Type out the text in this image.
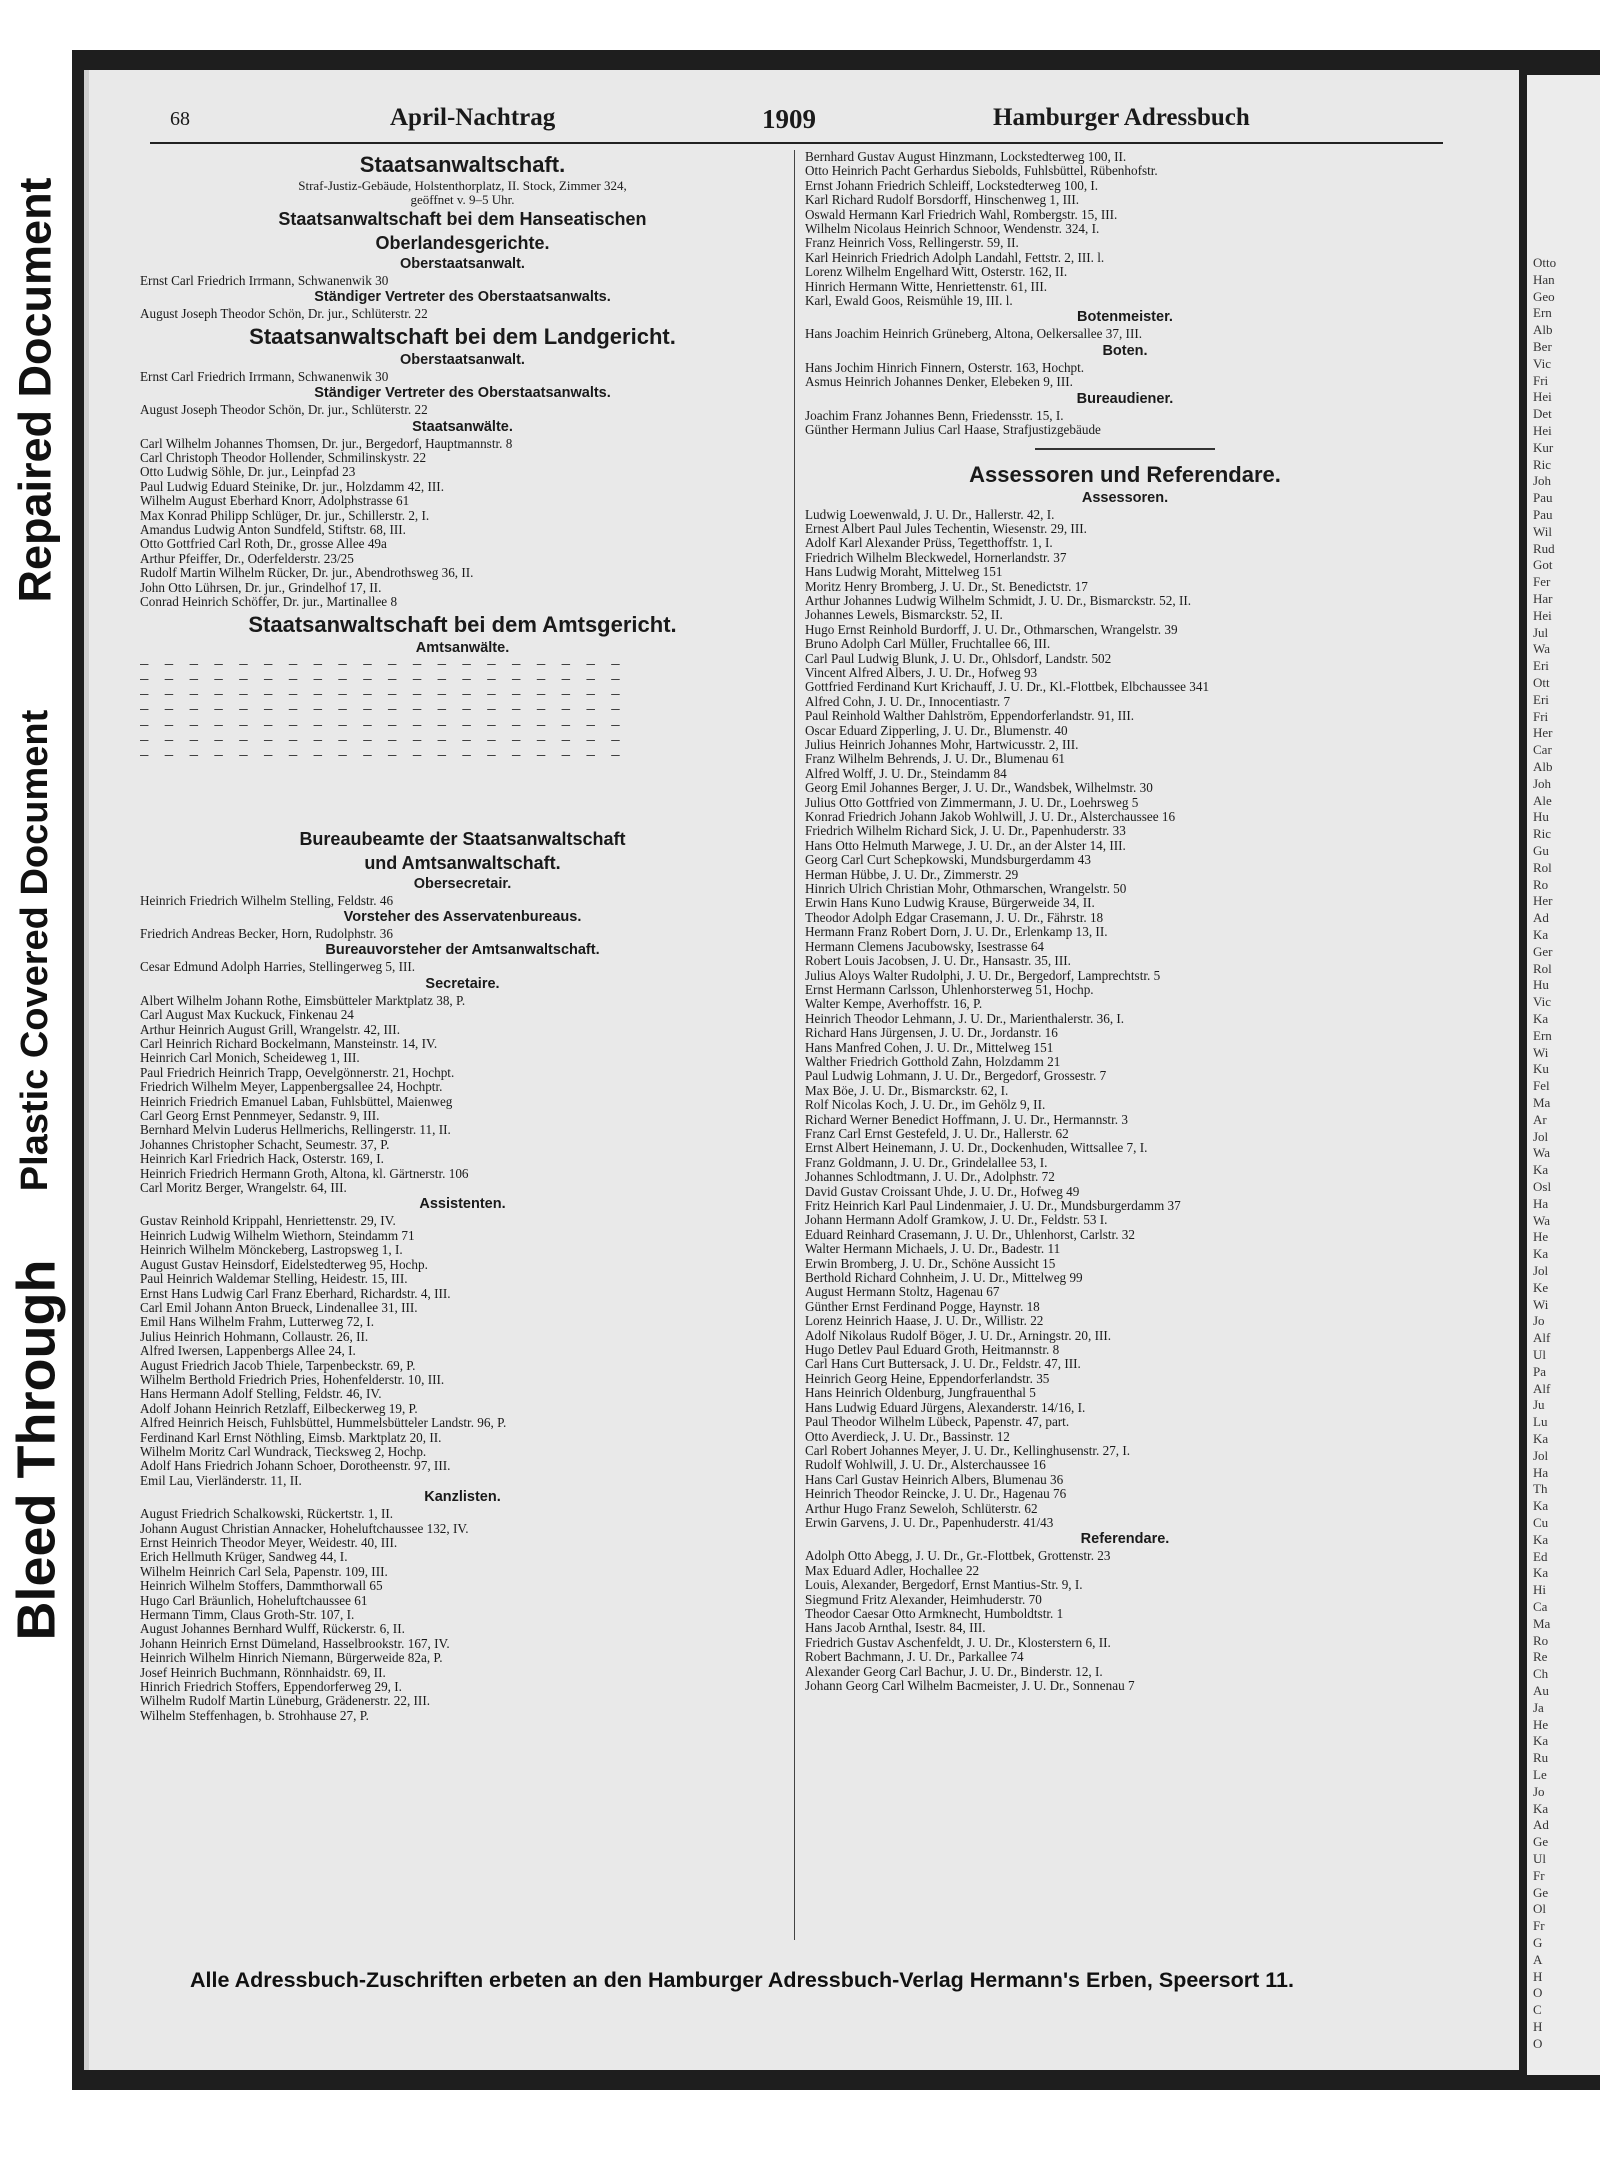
Repaired Document
Plastic Covered Document
Bleed Through
Otto
Han
Geo
Ern
Alb
Ber
Vic
Fri
Hei
Det
Hei
Kur
Ric
Joh
Pau
Pau
Wil
Rud
Got
Fer
Har
Hei
Jul
Wa
Eri
Ott
Eri
Fri
Her
Car
Alb
Joh
Ale
Hu
Ric
Gu
Rol
Ro
Her
Ad
Ka
Ger
Rol
Hu
Vic
Ka
Ern
Wi
Ku
Fel
Ma
Ar
Jol
Wa
Ka
Osl
Ha
Wa
He
Ka
Jol
Ke
Wi
Jo
Alf
Ul
Pa
Alf
Ju
Lu
Ka
Jol
Ha
Th
Ka
Cu
Ka
Ed
Ka
Hi
Ca
Ma
Ro
Re
Ch
Au
Ja
He
Ka
Ru
Le
Jo
Ka
Ad
Ge
Ul
Fr
Ge
Ol
Fr
G
A
H
O
C
H
O
68	April-Nachtrag	1909	Hamburger Adressbuch
Staatsanwaltschaft.
Straf-Justiz-Gebäude, Holstenthorplatz, II. Stock, Zimmer 324,
geöffnet v. 9–5 Uhr.
Staatsanwaltschaft bei dem Hanseatischen
Oberlandesgerichte.
Oberstaatsanwalt.
Ernst Carl Friedrich Irrmann, Schwanenwik 30
Ständiger Vertreter des Oberstaatsanwalts.
August Joseph Theodor Schön, Dr. jur., Schlüterstr. 22
Staatsanwaltschaft bei dem Landgericht.
Oberstaatsanwalt.
Ernst Carl Friedrich Irrmann, Schwanenwik 30
Ständiger Vertreter des Oberstaatsanwalts.
August Joseph Theodor Schön, Dr. jur., Schlüterstr. 22
Staatsanwälte.
Carl Wilhelm Johannes Thomsen, Dr. jur., Bergedorf, Hauptmannstr. 8
Carl Christoph Theodor Hollender, Schmilinskystr. 22
Otto Ludwig Söhle, Dr. jur., Leinpfad 23
Paul Ludwig Eduard Steinike, Dr. jur., Holzdamm 42, III.
Wilhelm August Eberhard Knorr, Adolphstrasse 61
Max Konrad Philipp Schlüger, Dr. jur., Schillerstr. 2, I.
Amandus Ludwig Anton Sundfeld, Stiftstr. 68, III.
Otto Gottfried Carl Roth, Dr., grosse Allee 49a
Arthur Pfeiffer, Dr., Oderfelderstr. 23/25
Rudolf Martin Wilhelm Rücker, Dr. jur., Abendrothsweg 36, II.
John Otto Lührsen, Dr. jur., Grindelhof 17, II.
Conrad Heinrich Schöffer, Dr. jur., Martinallee 8
Staatsanwaltschaft bei dem Amtsgericht.
Amtsanwälte.
— — — — — — — — — — — — — — — — — — — —
— — — — — — — — — — — — — — — — — — — —
— — — — — — — — — — — — — — — — — — — —
— — — — — — — — — — — — — — — — — — — —
— — — — — — — — — — — — — — — — — — — —
— — — — — — — — — — — — — — — — — — — —
— — — — — — — — — — — — — — — — — — — —
Bureaubeamte der Staatsanwaltschaft
und Amtsanwaltschaft.
Obersecretair.
Heinrich Friedrich Wilhelm Stelling, Feldstr. 46
Vorsteher des Asservatenbureaus.
Friedrich Andreas Becker, Horn, Rudolphstr. 36
Bureauvorsteher der Amtsanwaltschaft.
Cesar Edmund Adolph Harries, Stellingerweg 5, III.
Secretaire.
Albert Wilhelm Johann Rothe, Eimsbütteler Marktplatz 38, P.
Carl August Max Kuckuck, Finkenau 24
Arthur Heinrich August Grill, Wrangelstr. 42, III.
Carl Heinrich Richard Bockelmann, Mansteinstr. 14, IV.
Heinrich Carl Monich, Scheideweg 1, III.
Paul Friedrich Heinrich Trapp, Oevelgönnerstr. 21, Hochpt.
Friedrich Wilhelm Meyer, Lappenbergsallee 24, Hochptr.
Heinrich Friedrich Emanuel Laban, Fuhlsbüttel, Maienweg
Carl Georg Ernst Pennmeyer, Sedanstr. 9, III.
Bernhard Melvin Luderus Hellmerichs, Rellingerstr. 11, II.
Johannes Christopher Schacht, Seumestr. 37, P.
Heinrich Karl Friedrich Hack, Osterstr. 169, I.
Heinrich Friedrich Hermann Groth, Altona, kl. Gärtnerstr. 106
Carl Moritz Berger, Wrangelstr. 64, III.
Assistenten.
Gustav Reinhold Krippahl, Henriettenstr. 29, IV.
Heinrich Ludwig Wilhelm Wiethorn, Steindamm 71
Heinrich Wilhelm Mönckeberg, Lastropsweg 1, I.
August Gustav Heinsdorf, Eidelstedterweg 95, Hochp.
Paul Heinrich Waldemar Stelling, Heidestr. 15, III.
Ernst Hans Ludwig Carl Franz Eberhard, Richardstr. 4, III.
Carl Emil Johann Anton Brueck, Lindenallee 31, III.
Emil Hans Wilhelm Frahm, Lutterweg 72, I.
Julius Heinrich Hohmann, Collaustr. 26, II.
Alfred Iwersen, Lappenbergs Allee 24, I.
August Friedrich Jacob Thiele, Tarpenbeckstr. 69, P.
Wilhelm Berthold Friedrich Pries, Hohenfelderstr. 10, III.
Hans Hermann Adolf Stelling, Feldstr. 46, IV.
Adolf Johann Heinrich Retzlaff, Eilbeckerweg 19, P.
Alfred Heinrich Heisch, Fuhlsbüttel, Hummelsbütteler Landstr. 96, P.
Ferdinand Karl Ernst Nöthling, Eimsb. Marktplatz 20, II.
Wilhelm Moritz Carl Wundrack, Tiecksweg 2, Hochp.
Adolf Hans Friedrich Johann Schoer, Dorotheenstr. 97, III.
Emil Lau, Vierländerstr. 11, II.
Kanzlisten.
August Friedrich Schalkowski, Rückertstr. 1, II.
Johann August Christian Annacker, Hoheluftchaussee 132, IV.
Ernst Heinrich Theodor Meyer, Weidestr. 40, III.
Erich Hellmuth Krüger, Sandweg 44, I.
Wilhelm Heinrich Carl Sela, Papenstr. 109, III.
Heinrich Wilhelm Stoffers, Dammthorwall 65
Hugo Carl Bräunlich, Hoheluftchaussee 61
Hermann Timm, Claus Groth-Str. 107, I.
August Johannes Bernhard Wulff, Rückerstr. 6, II.
Johann Heinrich Ernst Dümeland, Hasselbrookstr. 167, IV.
Heinrich Wilhelm Hinrich Niemann, Bürgerweide 82a, P.
Josef Heinrich Buchmann, Rönnhaidstr. 69, II.
Hinrich Friedrich Stoffers, Eppendorferweg 29, I.
Wilhelm Rudolf Martin Lüneburg, Grädenerstr. 22, III.
Wilhelm Steffenhagen, b. Strohhause 27, P.
Bernhard Gustav August Hinzmann, Lockstedterweg 100, II.
Otto Heinrich Pacht Gerhardus Siebolds, Fuhlsbüttel, Rübenhofstr.
Ernst Johann Friedrich Schleiff, Lockstedterweg 100, I.
Karl Richard Rudolf Borsdorff, Hinschenweg 1, III.
Oswald Hermann Karl Friedrich Wahl, Rombergstr. 15, III.
Wilhelm Nicolaus Heinrich Schnoor, Wendenstr. 324, I.
Franz Heinrich Voss, Rellingerstr. 59, II.
Karl Heinrich Friedrich Adolph Landahl, Fettstr. 2, III. l.
Lorenz Wilhelm Engelhard Witt, Osterstr. 162, II.
Hinrich Hermann Witte, Henriettenstr. 61, III.
Karl, Ewald Goos, Reismühle 19, III. l.
Botenmeister.
Hans Joachim Heinrich Grüneberg, Altona, Oelkersallee 37, III.
Boten.
Hans Jochim Hinrich Finnern, Osterstr. 163, Hochpt.
Asmus Heinrich Johannes Denker, Elebeken 9, III.
Bureaudiener.
Joachim Franz Johannes Benn, Friedensstr. 15, I.
Günther Hermann Julius Carl Haase, Strafjustizgebäude
Assessoren und Referendare.
Assessoren.
Ludwig Loewenwald, J. U. Dr., Hallerstr. 42, I.
Ernest Albert Paul Jules Techentin, Wiesenstr. 29, III.
Adolf Karl Alexander Prüss, Tegetthoffstr. 1, I.
Friedrich Wilhelm Bleckwedel, Hornerlandstr. 37
Hans Ludwig Moraht, Mittelweg 151
Moritz Henry Bromberg, J. U. Dr., St. Benedictstr. 17
Arthur Johannes Ludwig Wilhelm Schmidt, J. U. Dr., Bismarckstr. 52, II.
Johannes Lewels, Bismarckstr. 52, II.
Hugo Ernst Reinhold Burdorff, J. U. Dr., Othmarschen, Wrangelstr. 39
Bruno Adolph Carl Müller, Fruchtallee 66, III.
Carl Paul Ludwig Blunk, J. U. Dr., Ohlsdorf, Landstr. 502
Vincent Alfred Albers, J. U. Dr., Hofweg 93
Gottfried Ferdinand Kurt Krichauff, J. U. Dr., Kl.-Flottbek, Elbchaussee 341
Alfred Cohn, J. U. Dr., Innocentiastr. 7
Paul Reinhold Walther Dahlström, Eppendorferlandstr. 91, III.
Oscar Eduard Zipperling, J. U. Dr., Blumenstr. 40
Julius Heinrich Johannes Mohr, Hartwicusstr. 2, III.
Franz Wilhelm Behrends, J. U. Dr., Blumenau 61
Alfred Wolff, J. U. Dr., Steindamm 84
Georg Emil Johannes Berger, J. U. Dr., Wandsbek, Wilhelmstr. 30
Julius Otto Gottfried von Zimmermann, J. U. Dr., Loehrsweg 5
Konrad Friedrich Johann Jakob Wohlwill, J. U. Dr., Alsterchaussee 16
Friedrich Wilhelm Richard Sick, J. U. Dr., Papenhuderstr. 33
Hans Otto Helmuth Marwege, J. U. Dr., an der Alster 14, III.
Georg Carl Curt Schepkowski, Mundsburgerdamm 43
Herman Hübbe, J. U. Dr., Zimmerstr. 29
Hinrich Ulrich Christian Mohr, Othmarschen, Wrangelstr. 50
Erwin Hans Kuno Ludwig Krause, Bürgerweide 34, II.
Theodor Adolph Edgar Crasemann, J. U. Dr., Fährstr. 18
Hermann Franz Robert Dorn, J. U. Dr., Erlenkamp 13, II.
Hermann Clemens Jacubowsky, Isestrasse 64
Robert Louis Jacobsen, J. U. Dr., Hansastr. 35, III.
Julius Aloys Walter Rudolphi, J. U. Dr., Bergedorf, Lamprechtstr. 5
Ernst Hermann Carlsson, Uhlenhorsterweg 51, Hochp.
Walter Kempe, Averhoffstr. 16, P.
Heinrich Theodor Lehmann, J. U. Dr., Marienthalerstr. 36, I.
Richard Hans Jürgensen, J. U. Dr., Jordanstr. 16
Hans Manfred Cohen, J. U. Dr., Mittelweg 151
Walther Friedrich Gotthold Zahn, Holzdamm 21
Paul Ludwig Lohmann, J. U. Dr., Bergedorf, Grossestr. 7
Max Böe, J. U. Dr., Bismarckstr. 62, I.
Rolf Nicolas Koch, J. U. Dr., im Gehölz 9, II.
Richard Werner Benedict Hoffmann, J. U. Dr., Hermannstr. 3
Franz Carl Ernst Gestefeld, J. U. Dr., Hallerstr. 62
Ernst Albert Heinemann, J. U. Dr., Dockenhuden, Wittsallee 7, I.
Franz Goldmann, J. U. Dr., Grindelallee 53, I.
Johannes Schlodtmann, J. U. Dr., Adolphstr. 72
David Gustav Croissant Uhde, J. U. Dr., Hofweg 49
Fritz Heinrich Karl Paul Lindenmaier, J. U. Dr., Mundsburgerdamm 37
Johann Hermann Adolf Gramkow, J. U. Dr., Feldstr. 53 I.
Eduard Reinhard Crasemann, J. U. Dr., Uhlenhorst, Carlstr. 32
Walter Hermann Michaels, J. U. Dr., Badestr. 11
Erwin Bromberg, J. U. Dr., Schöne Aussicht 15
Berthold Richard Cohnheim, J. U. Dr., Mittelweg 99
August Hermann Stoltz, Hagenau 67
Günther Ernst Ferdinand Pogge, Haynstr. 18
Lorenz Heinrich Haase, J. U. Dr., Willistr. 22
Adolf Nikolaus Rudolf Böger, J. U. Dr., Arningstr. 20, III.
Hugo Detlev Paul Eduard Groth, Heitmannstr. 8
Carl Hans Curt Buttersack, J. U. Dr., Feldstr. 47, III.
Heinrich Georg Heine, Eppendorferlandstr. 35
Hans Heinrich Oldenburg, Jungfrauenthal 5
Hans Ludwig Eduard Jürgens, Alexanderstr. 14/16, I.
Paul Theodor Wilhelm Lübeck, Papenstr. 47, part.
Otto Averdieck, J. U. Dr., Bassinstr. 12
Carl Robert Johannes Meyer, J. U. Dr., Kellinghusenstr. 27, I.
Rudolf Wohlwill, J. U. Dr., Alsterchaussee 16
Hans Carl Gustav Heinrich Albers, Blumenau 36
Heinrich Theodor Reincke, J. U. Dr., Hagenau 76
Arthur Hugo Franz Seweloh, Schlüterstr. 62
Erwin Garvens, J. U. Dr., Papenhuderstr. 41/43
Referendare.
Adolph Otto Abegg, J. U. Dr., Gr.-Flottbek, Grottenstr. 23
Max Eduard Adler, Hochallee 22
Louis, Alexander, Bergedorf, Ernst Mantius-Str. 9, I.
Siegmund Fritz Alexander, Heimhuderstr. 70
Theodor Caesar Otto Armknecht, Humboldtstr. 1
Hans Jacob Arnthal, Isestr. 84, III.
Friedrich Gustav Aschenfeldt, J. U. Dr., Klosterstern 6, II.
Robert Bachmann, J. U. Dr., Parkallee 74
Alexander Georg Carl Bachur, J. U. Dr., Binderstr. 12, I.
Johann Georg Carl Wilhelm Bacmeister, J. U. Dr., Sonnenau 7
Alle Adressbuch-Zuschriften erbeten an den Hamburger Adressbuch-Verlag Hermann's Erben, Speersort 11.
